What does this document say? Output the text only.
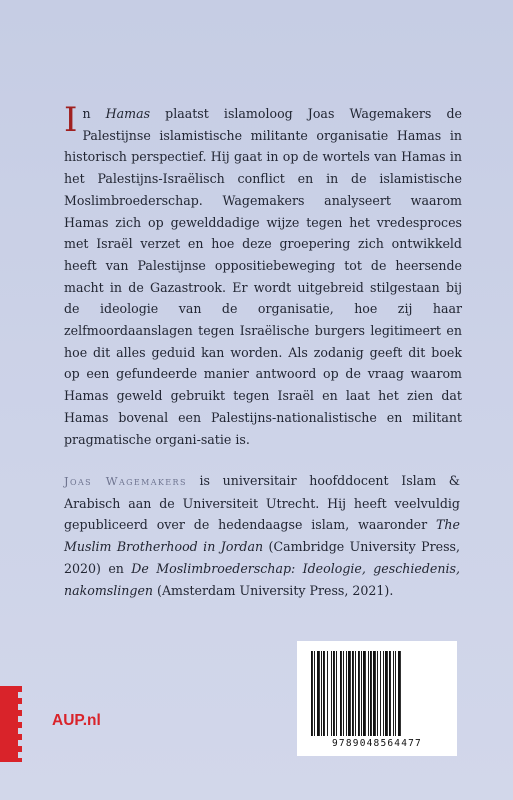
In Hamas plaatst islamoloog Joas Wagemakers de Palestijnse islamistische militante organisatie Hamas in historisch perspectief. Hij gaat in op de wortels van Hamas in het Palestijns-Israëlisch conflict en in de islamistische Moslimbroederschap. Wagemakers analyseert waarom Hamas zich op gewelddadige wijze tegen het vredesproces met Israël verzet en hoe deze groepering zich ontwikkeld heeft van Palestijnse oppositiebeweging tot de heersende macht in de Gazastrook. Er wordt uitgebreid stilgestaan bij de ideologie van de organisatie, hoe zij haar zelfmoordaanslagen tegen Israëlische burgers legitimeert en hoe dit alles geduid kan worden. Als zodanig geeft dit boek op een gefundeerde manier antwoord op de vraag waarom Hamas geweld gebruikt tegen Israël en laat het zien dat Hamas bovenal een Palestijns-nationalistische en militant pragmatische organi-satie is.
Joas Wagemakers is universitair hoofddocent Islam & Arabisch aan de Universiteit Utrecht. Hij heeft veelvuldig gepubliceerd over de hedendaagse islam, waaronder The Muslim Brotherhood in Jordan (Cambridge University Press, 2020) en De Moslimbroederschap: Ideologie, geschiedenis, nakomslingen (Amsterdam University Press, 2021).
AUP.nl
9789048564477
